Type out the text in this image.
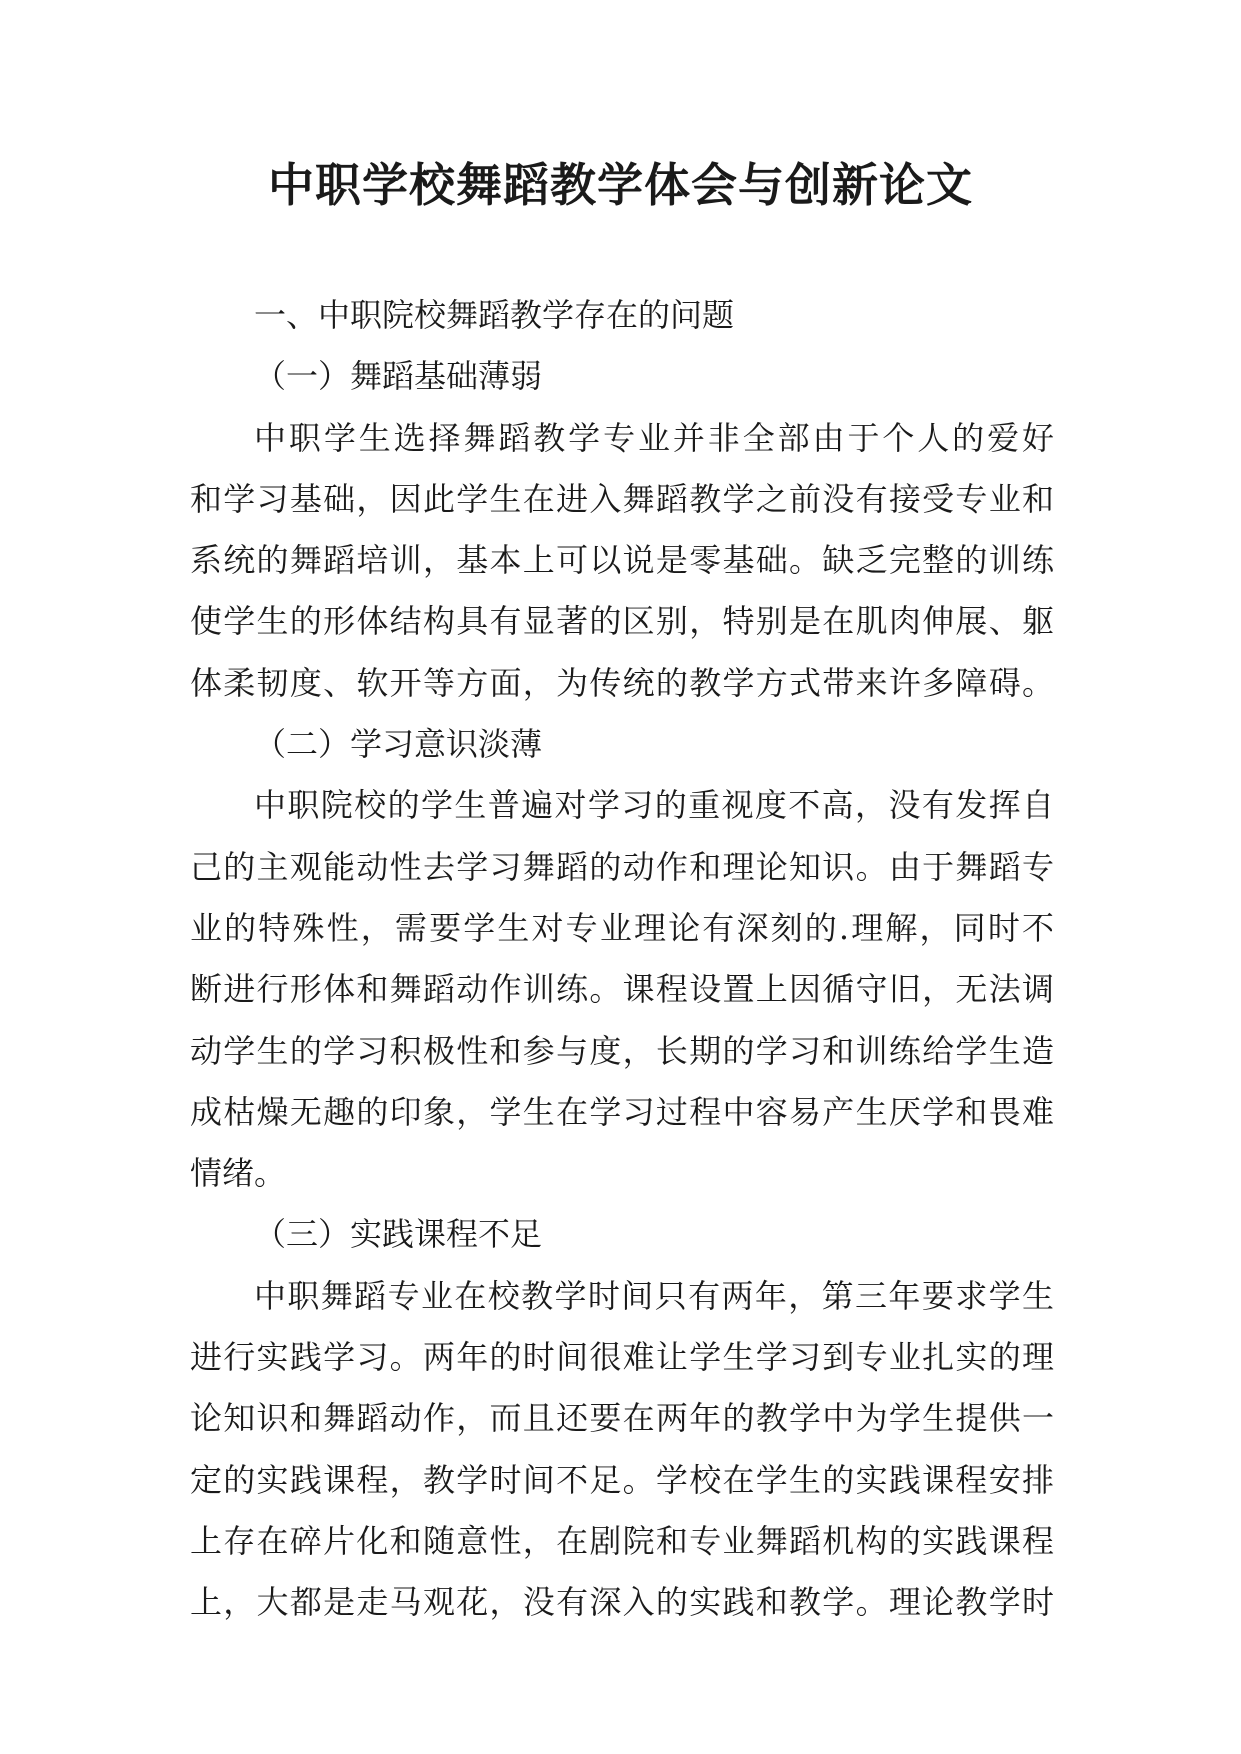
中职学校舞蹈教学体会与创新论文
一、中职院校舞蹈教学存在的问题
（一）舞蹈基础薄弱
中职学生选择舞蹈教学专业并非全部由于个人的爱好
和学习基础，因此学生在进入舞蹈教学之前没有接受专业和
系统的舞蹈培训，基本上可以说是零基础。缺乏完整的训练
使学生的形体结构具有显著的区别，特别是在肌肉伸展、躯
体柔韧度、软开等方面，为传统的教学方式带来许多障碍。
（二）学习意识淡薄
中职院校的学生普遍对学习的重视度不高，没有发挥自
己的主观能动性去学习舞蹈的动作和理论知识。由于舞蹈专
业的特殊性，需要学生对专业理论有深刻的.理解，同时不
断进行形体和舞蹈动作训练。课程设置上因循守旧，无法调
动学生的学习积极性和参与度，长期的学习和训练给学生造
成枯燥无趣的印象，学生在学习过程中容易产生厌学和畏难
情绪。
（三）实践课程不足
中职舞蹈专业在校教学时间只有两年，第三年要求学生
进行实践学习。两年的时间很难让学生学习到专业扎实的理
论知识和舞蹈动作，而且还要在两年的教学中为学生提供一
定的实践课程，教学时间不足。学校在学生的实践课程安排
上存在碎片化和随意性，在剧院和专业舞蹈机构的实践课程
上，大都是走马观花，没有深入的实践和教学。理论教学时
